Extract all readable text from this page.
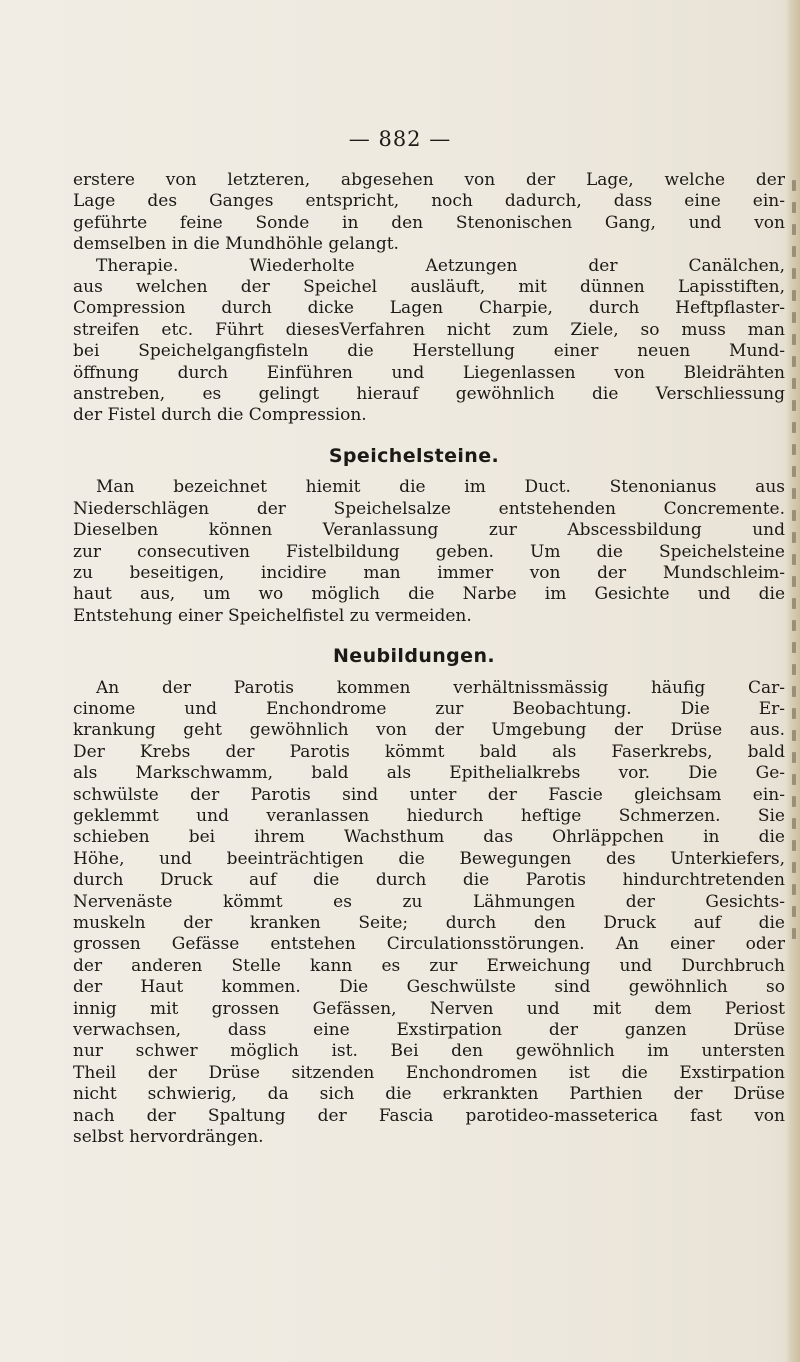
— 882 —
erstere von letzteren, abgesehen von der Lage, welche der
Lage des Ganges entspricht, noch dadurch, dass eine ein-
geführte feine Sonde in den Stenonischen Gang, und von
demselben in die Mundhöhle gelangt.
Therapie. Wiederholte Aetzungen der Canälchen,
aus welchen der Speichel ausläuft, mit dünnen Lapisstiften,
Compression durch dicke Lagen Charpie, durch Heftpflaster-
streifen etc. Führt diesesVerfahren nicht zum Ziele, so muss man
bei Speichelgangfisteln die Herstellung einer neuen Mund-
öffnung durch Einführen und Liegenlassen von Bleidrähten
anstreben, es gelingt hierauf gewöhnlich die Verschliessung
der Fistel durch die Compression.
Speichelsteine.
Man bezeichnet hiemit die im Duct. Stenonianus aus
Niederschlägen der Speichelsalze entstehenden Concremente.
Dieselben können Veranlassung zur Abscessbildung und
zur consecutiven Fistelbildung geben. Um die Speichelsteine
zu beseitigen, incidire man immer von der Mundschleim-
haut aus, um wo möglich die Narbe im Gesichte und die
Entstehung einer Speichelfistel zu vermeiden.
Neubildungen.
An der Parotis kommen verhältnissmässig häufig Car-
cinome und Enchondrome zur Beobachtung. Die Er-
krankung geht gewöhnlich von der Umgebung der Drüse aus.
Der Krebs der Parotis kömmt bald als Faserkrebs, bald
als Markschwamm, bald als Epithelialkrebs vor. Die Ge-
schwülste der Parotis sind unter der Fascie gleichsam ein-
geklemmt und veranlassen hiedurch heftige Schmerzen. Sie
schieben bei ihrem Wachsthum das Ohrläppchen in die
Höhe, und beeinträchtigen die Bewegungen des Unterkiefers,
durch Druck auf die durch die Parotis hindurchtretenden
Nervenäste kömmt es zu Lähmungen der Gesichts-
muskeln der kranken Seite; durch den Druck auf die
grossen Gefässe entstehen Circulationsstörungen. An einer oder
der anderen Stelle kann es zur Erweichung und Durchbruch
der Haut kommen. Die Geschwülste sind gewöhnlich so
innig mit grossen Gefässen, Nerven und mit dem Periost
verwachsen, dass eine Exstirpation der ganzen Drüse
nur schwer möglich ist. Bei den gewöhnlich im untersten
Theil der Drüse sitzenden Enchondromen ist die Exstirpation
nicht schwierig, da sich die erkrankten Parthien der Drüse
nach der Spaltung der Fascia parotideo-masseterica fast von
selbst hervordrängen.
